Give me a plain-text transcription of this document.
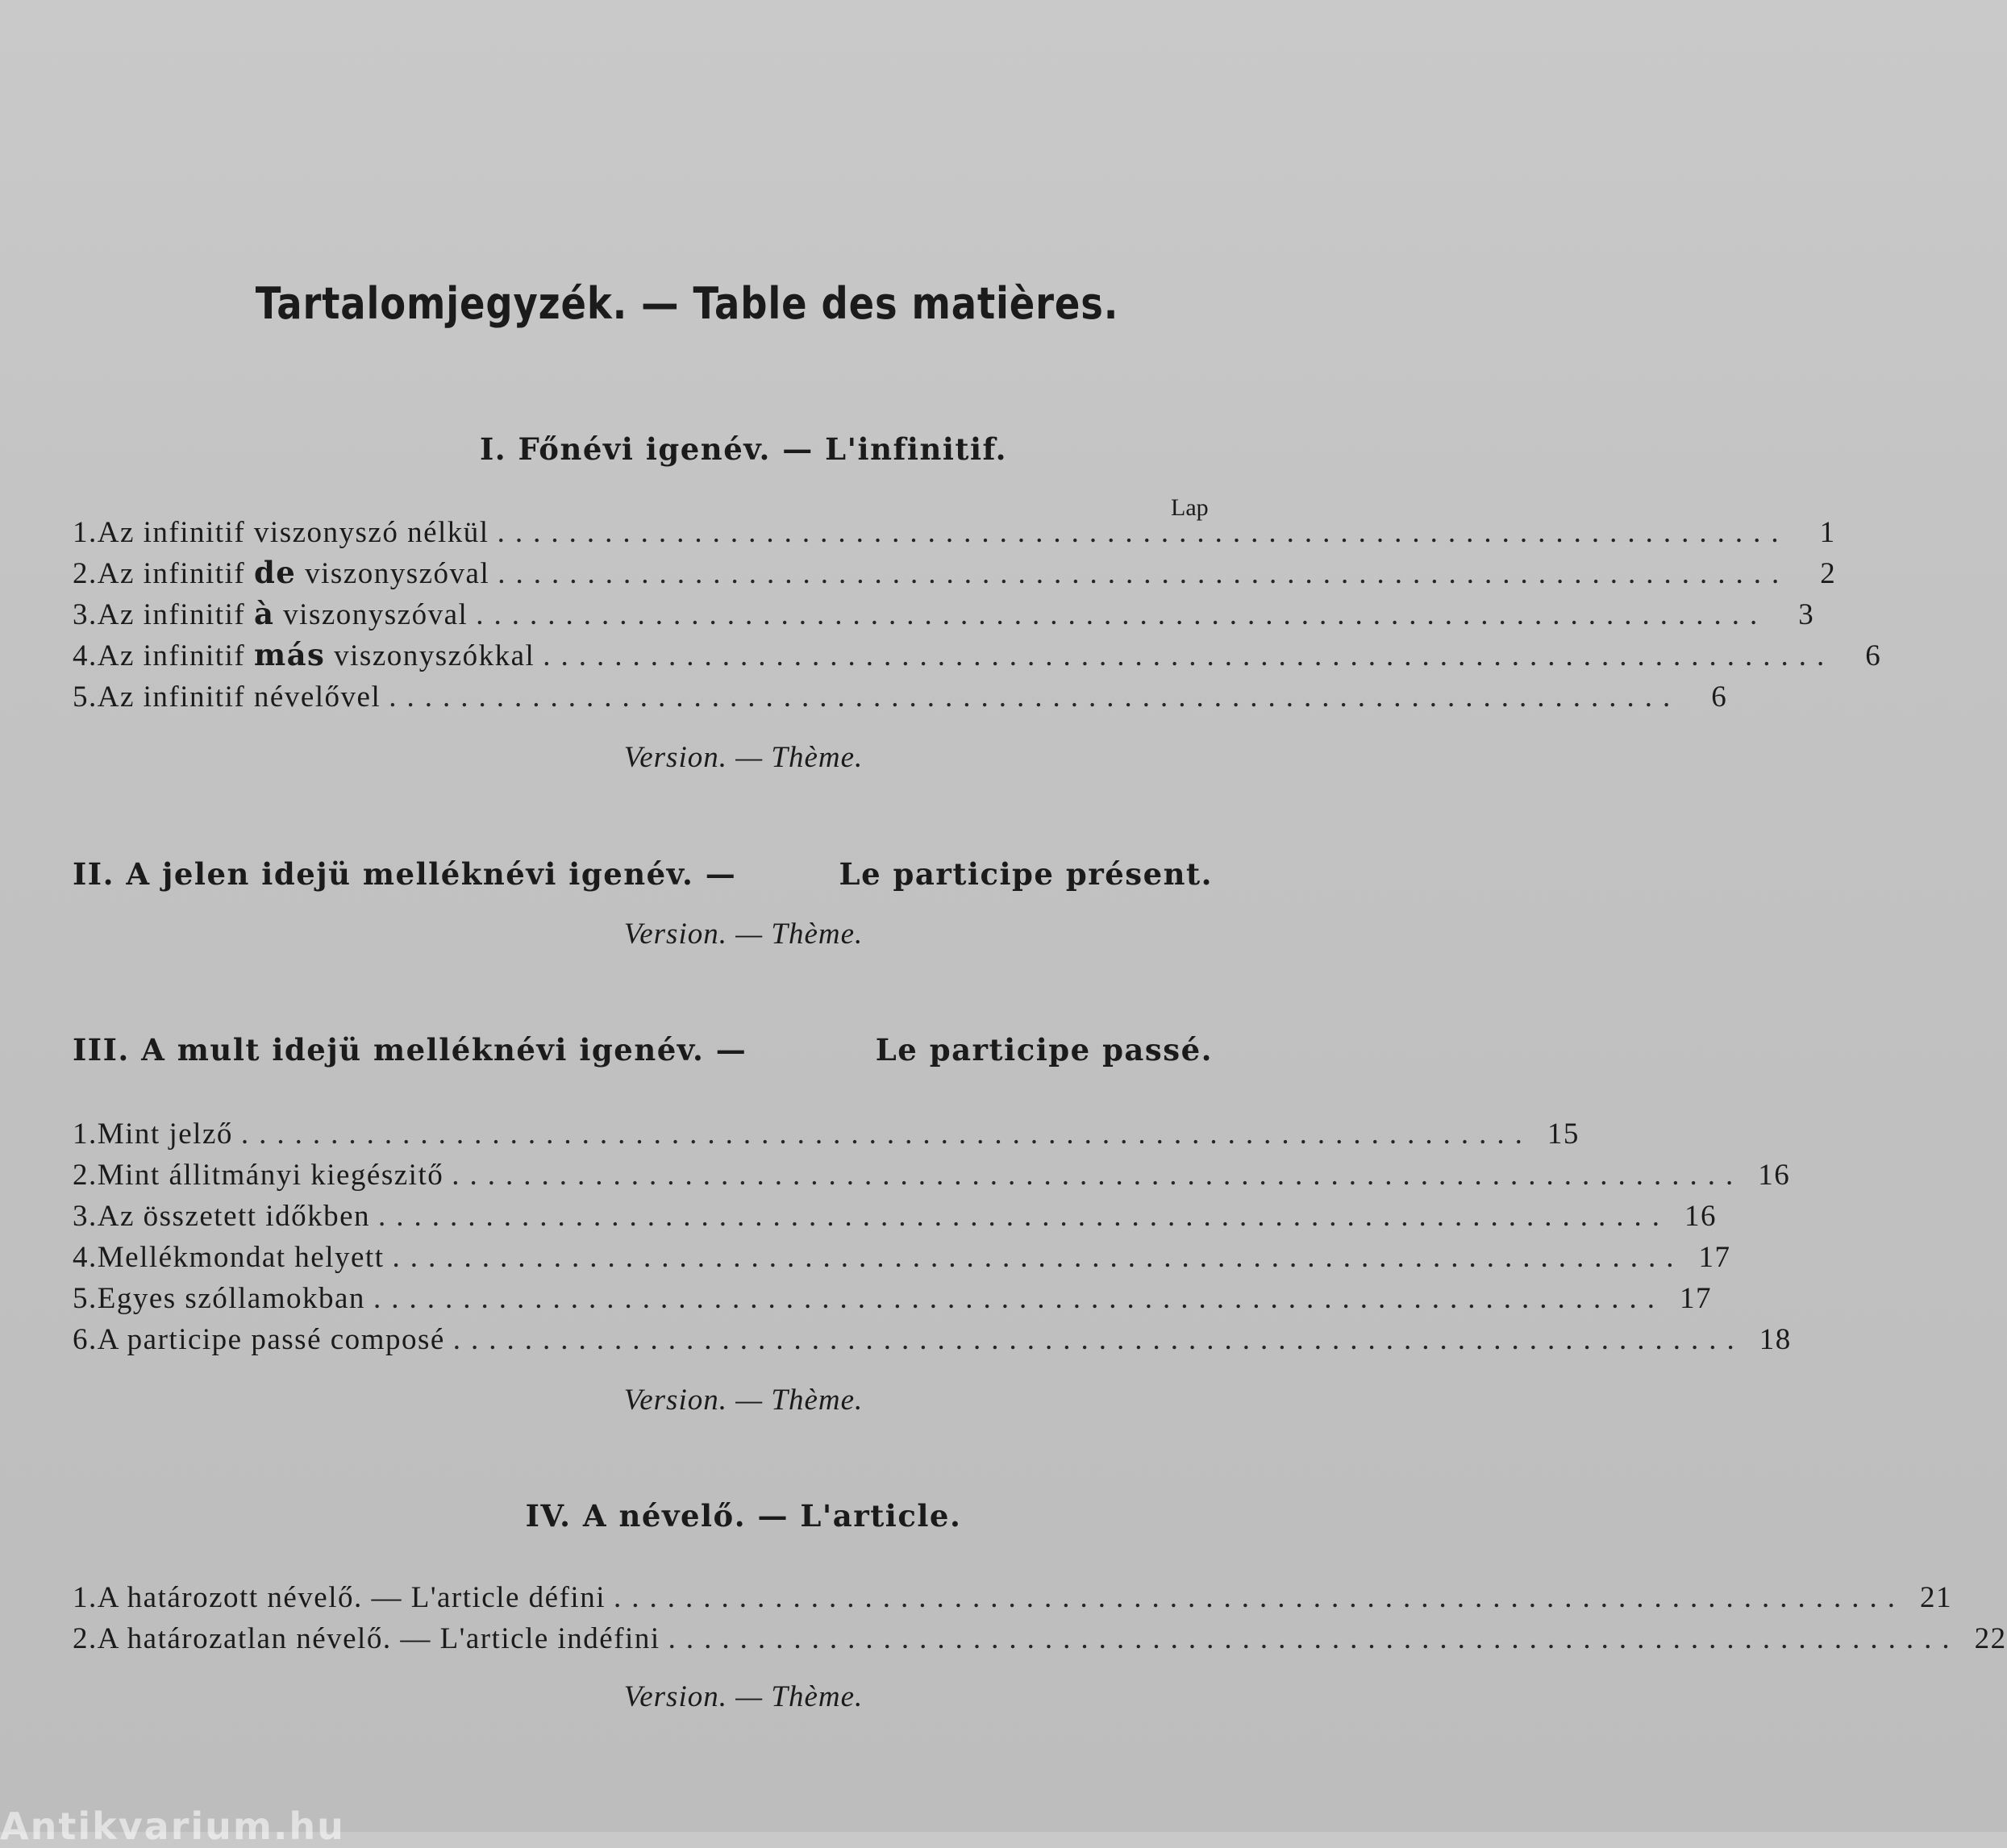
Tartalomjegyzék. — Table des matières.
I. Főnévi igenév. — L'infinitif.
Lap
1. Az infinitif viszonyszó nélkül ........................................................................	1
2. Az infinitif de viszonyszóval ........................................................................	2
3. Az infinitif à viszonyszóval ........................................................................	3
4. Az infinitif más viszonyszókkal ........................................................................	6
5. Az infinitif névelővel ........................................................................	6
Version. — Thème.
II. A jelen idejü melléknévi igenév. —	Le participe présent.
Version. — Thème.
III. A mult idejü melléknévi igenév. —	Le participe passé.
1. Mint jelző ........................................................................ 15
2. Mint állitmányi kiegészitő ........................................................................ 16
3. Az összetett időkben ........................................................................ 16
4. Mellékmondat helyett ........................................................................ 17
5. Egyes szóllamokban ........................................................................ 17
6. A participe passé composé ........................................................................ 18
Version. — Thème.
IV. A névelő. — L'article.
1. A határozott névelő. — L'article défini ........................................................................ 21
2. A határozatlan névelő. — L'article indéfini ........................................................................ 22
Version. — Thème.
Antikvarium.hu
